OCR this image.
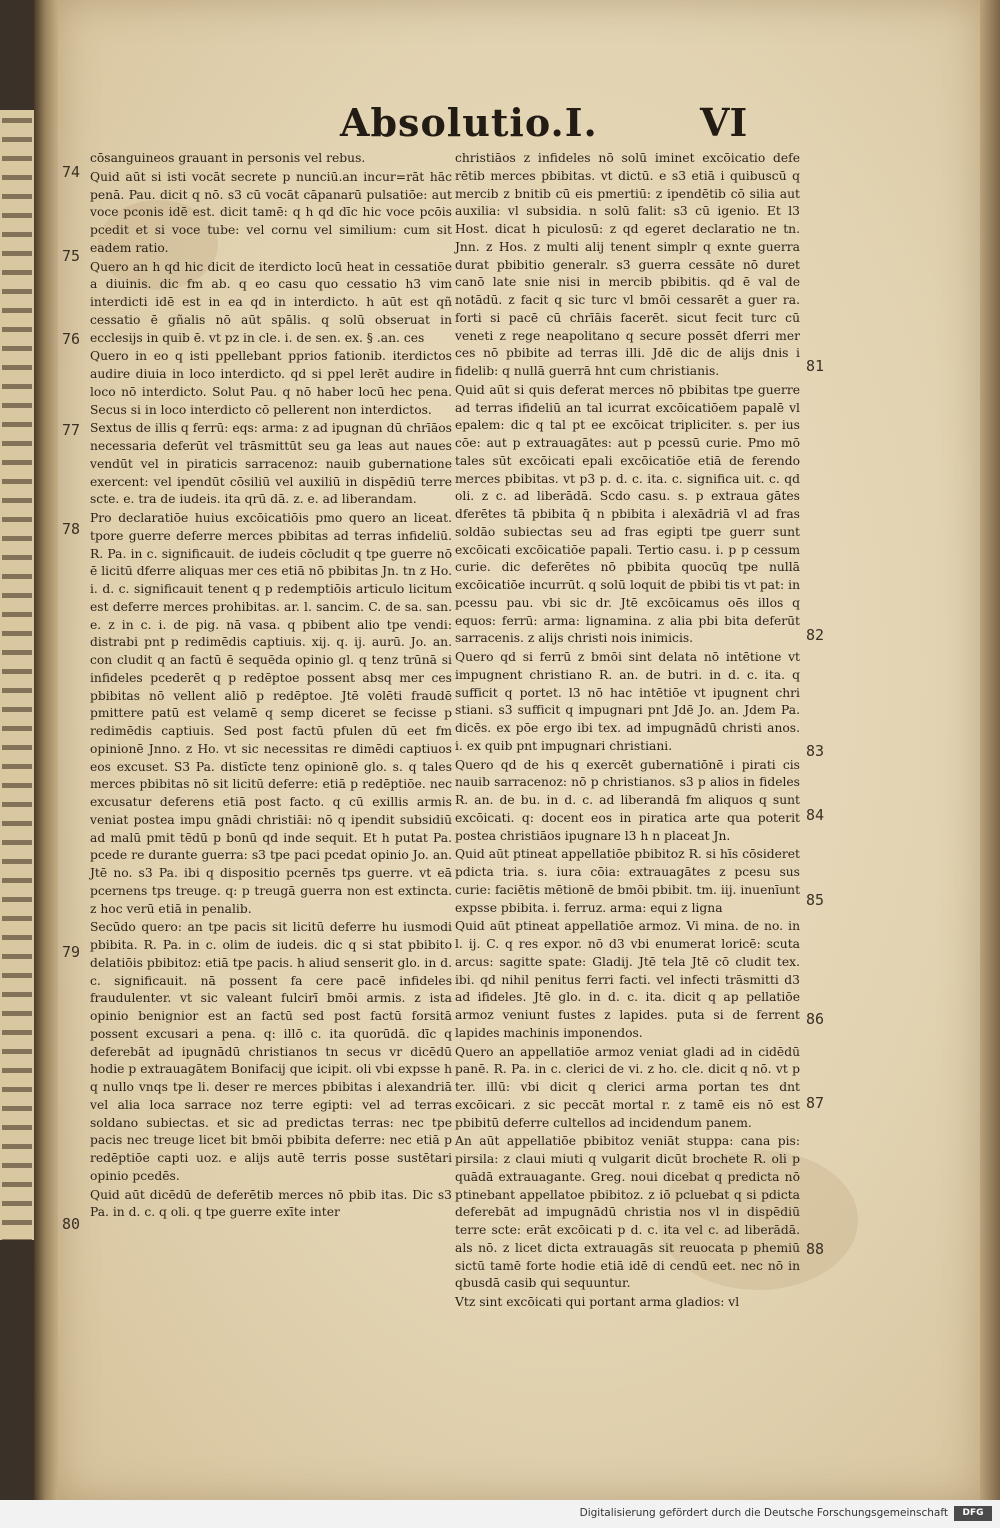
Absolutio.I.	VI

cōsanguineos grauant in personis vel rebus.

Quid aūt si isti vocāt secrete p nunciū.an incur=rāt hāc penā. Pau. dicit q nō. s3 cū vocāt cāpanarū pulsatiōe: aut voce pconis idē est. dicit tamē: q h qd dīc hic voce pcōis pcedit et si voce tube: vel cornu vel similium: cum sit eadem ratio.

Quero an h qd hic dicit de iterdicto locū heat in cessatiōe a diuinis. dic fm ab. q eo casu quo cessatio h3 vim interdicti idē est in ea qd in interdicto. h aūt est qñ cessatio ē gñalis nō aūt spālis. q solū obseruat in ecclesijs in quib ē. vt pz in cle. i. de sen. ex. § .an. ces

Quero in eo q isti ppellebant pprios fationib. iterdictos audire diuia in loco interdicto. qd si ppel lerēt audire in loco nō interdicto. Solut Pau. q nō haber locū hec pena. Secus si in loco interdicto cō pellerent non interdictos.

Sextus de illis q ferrū: eqs: arma: z ad ipugnan dū chrīāos necessaria deferūt vel trāsmittūt seu ga leas aut naues vendūt vel in piraticis sarracenoz: nauib gubernatione exercent: vel ipendūt cōsiliū vel auxiliū in dispēdiū terre scte. e. tra de iudeis. ita qrū dā. z. e. ad liberandam.

Pro declaratiōe huius excōicatiōis pmo quero an liceat. tpore guerre deferre merces pbibitas ad terras infideliū. R. Pa. in c. significauit. de iudeis cōcludit q tpe guerre nō ē licitū dferre aliquas mer ces etiā nō pbibitas Jn. tn z Ho. i. d. c. significauit tenent q p redemptiōis articulo licitum est deferre merces prohibitas. ar. l. sancim. C. de sa. san. e. z in c. i. de pig. nā vasa. q pbibent alio tpe vendi: distrabi pnt p redimēdis captiuis. xij. q. ij. aurū. Jo. an. con cludit q an factū ē sequēda opinio gl. q tenz trūnā si infideles pcederēt q p redēptoe possent absq mer ces pbibitas nō vellent aliō p redēptoe. Jtē volēti fraudē pmittere patū est velamē q semp diceret se fecisse p redimēdis captiuis. Sed post factū pfulen dū eet fm opinionē Jnno. z Ho. vt sic necessitas re dimēdi captiuos eos excuset. S3 Pa. distīcte tenz opinionē glo. s. q tales merces pbibitas nō sit licitū deferre: etiā p redēptiōe. nec excusatur deferens etiā post facto. q cū exillis armis veniat postea impu gnādi christiāi: nō q ipendit subsidiū ad malū pmit tēdū p bonū qd inde sequit. Et h putat Pa. pcede re durante guerra: s3 tpe paci pcedat opinio Jo. an. Jtē no. s3 Pa. ibi q dispositio pcernēs tps guerre. vt eā pcernens tps treuge. q: p treugā guerra non est extincta. z hoc verū etiā in penalib.

Secūdo quero: an tpe pacis sit licitū deferre hu iusmodi pbibita. R. Pa. in c. olim de iudeis. dic q si stat pbibito delatiōis pbibitoz: etiā tpe pacis. h aliud senserit glo. in d. c. significauit. nā possent fa cere pacē infideles fraudulenter. vt sic valeant fulcirī bmōi armis. z ista opinio benignior est an factū sed post factū forsitā possent excusari a pena. q: illō c. ita quorūdā. dīc q deferebāt ad ipugnādū christianos tn secus vr dicēdū hodie p extrauagātem Bonifacij que icipit. oli vbi expsse h q nullo vnqs tpe li. deser re merces pbibitas i alexandriā vel alia loca sarrace noz terre egipti: vel ad terras soldano subiectas. et sic ad predictas terras: nec tpe pacis nec treuge licet bit bmōi pbibita deferre: nec etiā p redēptiōe capti uoz. e alijs autē terris posse sustētari opinio pcedēs.

Quid aūt dicēdū de deferētib merces nō pbib itas. Dic s3 Pa. in d. c. q oli. q tpe guerre exīte inter

christiāos z infideles nō solū iminet excōicatio defe rētib merces pbibitas. vt dictū. e s3 etiā i quibuscū q mercib z bnitib cū eis pmertiū: z ipendētib cō silia aut auxilia: vl subsidia. n solū falit: s3 cū igenio. Et l3 Host. dicat h piculosū: z qd egeret declaratio ne tn. Jnn. z Hos. z multi alij tenent simplr q exnte guerra durat pbibitio generalr. s3 guerra cessāte nō duret canō late snie nisi in mercib pbibitis. qd ē val de notādū. z facit q sic turc vl bmōi cessarēt a guer ra. forti si pacē cū chrīāis facerēt. sicut fecit turc cū veneti z rege neapolitano q secure possēt dferri mer ces nō pbibite ad terras illi. Jdē dic de alijs dnis i fidelib: q nullā guerrā hnt cum christianis.

Quid aūt si quis deferat merces nō pbibitas tpe guerre ad terras ifideliū an tal icurrat excōicatiōem papalē vl epalem: dic q tal pt ee excōicat tripliciter. s. per ius cōe: aut p extrauagātes: aut p pcessū curie. Pmo mō tales sūt excōicati epali excōicatiōe etiā de ferendo merces pbibitas. vt p3 p. d. c. ita. c. significa uit. c. qd oli. z c. ad liberādā. Scdo casu. s. p extraua gātes dferētes tā pbibita q̄ n pbibita i alexādriā vl ad fras soldāo subiectas seu ad fras egipti tpe guerr sunt excōicati excōicatiōe papali. Tertio casu. i. p p cessum curie. dic deferētes nō pbibita quocūq tpe nullā excōicatiōe incurrūt. q solū loquit de pbibi tis vt pat: in pcessu pau. vbi sic dr. Jtē excōicamus oēs illos q equos: ferrū: arma: lignamina. z alia pbi bita deferūt sarracenis. z alijs christi nois inimicis.

Quero qd si ferrū z bmōi sint delata nō intētione vt impugnent christiano R. an. de butri. in d. c. ita. q sufficit q portet. l3 nō hac intētiōe vt ipugnent chri stiani. s3 sufficit q impugnari pnt Jdē Jo. an. Jdem Pa. dicēs. ex pōe ergo ibi tex. ad impugnādū christi anos. i. ex quib pnt impugnari christiani.

Quero qd de his q exercēt gubernatiōnē i pirati cis nauib sarracenoz: nō p christianos. s3 p alios in fideles R. an. de bu. in d. c. ad liberandā fm aliquos q sunt excōicati. q: docent eos in piratica arte qua poterit postea christiāos ipugnare l3 h n placeat Jn.

Quid aūt ptineat appellatiōe pbibitoz R. si hīs cōsideret pdicta tria. s. iura cōia: extrauagātes z pcesu sus curie: faciētis mētionē de bmōi pbibit. tm. iij. inuenīunt expsse pbibita. i. ferruz. arma: equi z ligna

Quid aūt ptineat appellatiōe armoz. Vi mina. de no. in l. ij. C. q res expor. nō d3 vbi enumerat loricē: scuta arcus: sagitte spate: Gladij. Jtē tela Jtē cō cludit tex. ibi. qd nihil penitus ferri facti. vel infecti trāsmitti d3 ad ifideles. Jtē glo. in d. c. ita. dicit q ap pellatiōe armoz veniunt fustes z lapides. puta si de ferrent lapides machinis imponendos.

Quero an appellatiōe armoz veniat gladi ad in cidēdū panē. R. Pa. in c. clerici de vi. z ho. cle. dicit q nō. vt p ter. illū: vbi dicit q clerici arma portan tes dnt excōicari. z sic peccāt mortal r. z tamē eis nō est pbibitū deferre cultellos ad incidendum panem.

An aūt appellatiōe pbibitoz veniāt stuppa: cana pis: pirsila: z claui miuti q vulgarit dicūt brochete R. oli p quādā extrauagante. Greg. noui dicebat q predicta nō ptinebant appellatoe pbibitoz. z iō pcluebat q si pdicta deferebāt ad impugnādū christia nos vl in dispēdiū terre scte: erāt excōicati p d. c. ita vel c. ad liberādā. als nō. z licet dicta extrauagās sit reuocata p phemiū sictū tamē forte hodie etiā idē di cendū eet. nec nō in qbusdā casib qui sequuntur.

Vtz sint excōicati qui portant arma gladios: vl

74
75
76
77
78
79
80
81
82
83
84
85
86
87
88
Digitalisierung gefördert durch die Deutsche Forschungsgemeinschaft	DFG
